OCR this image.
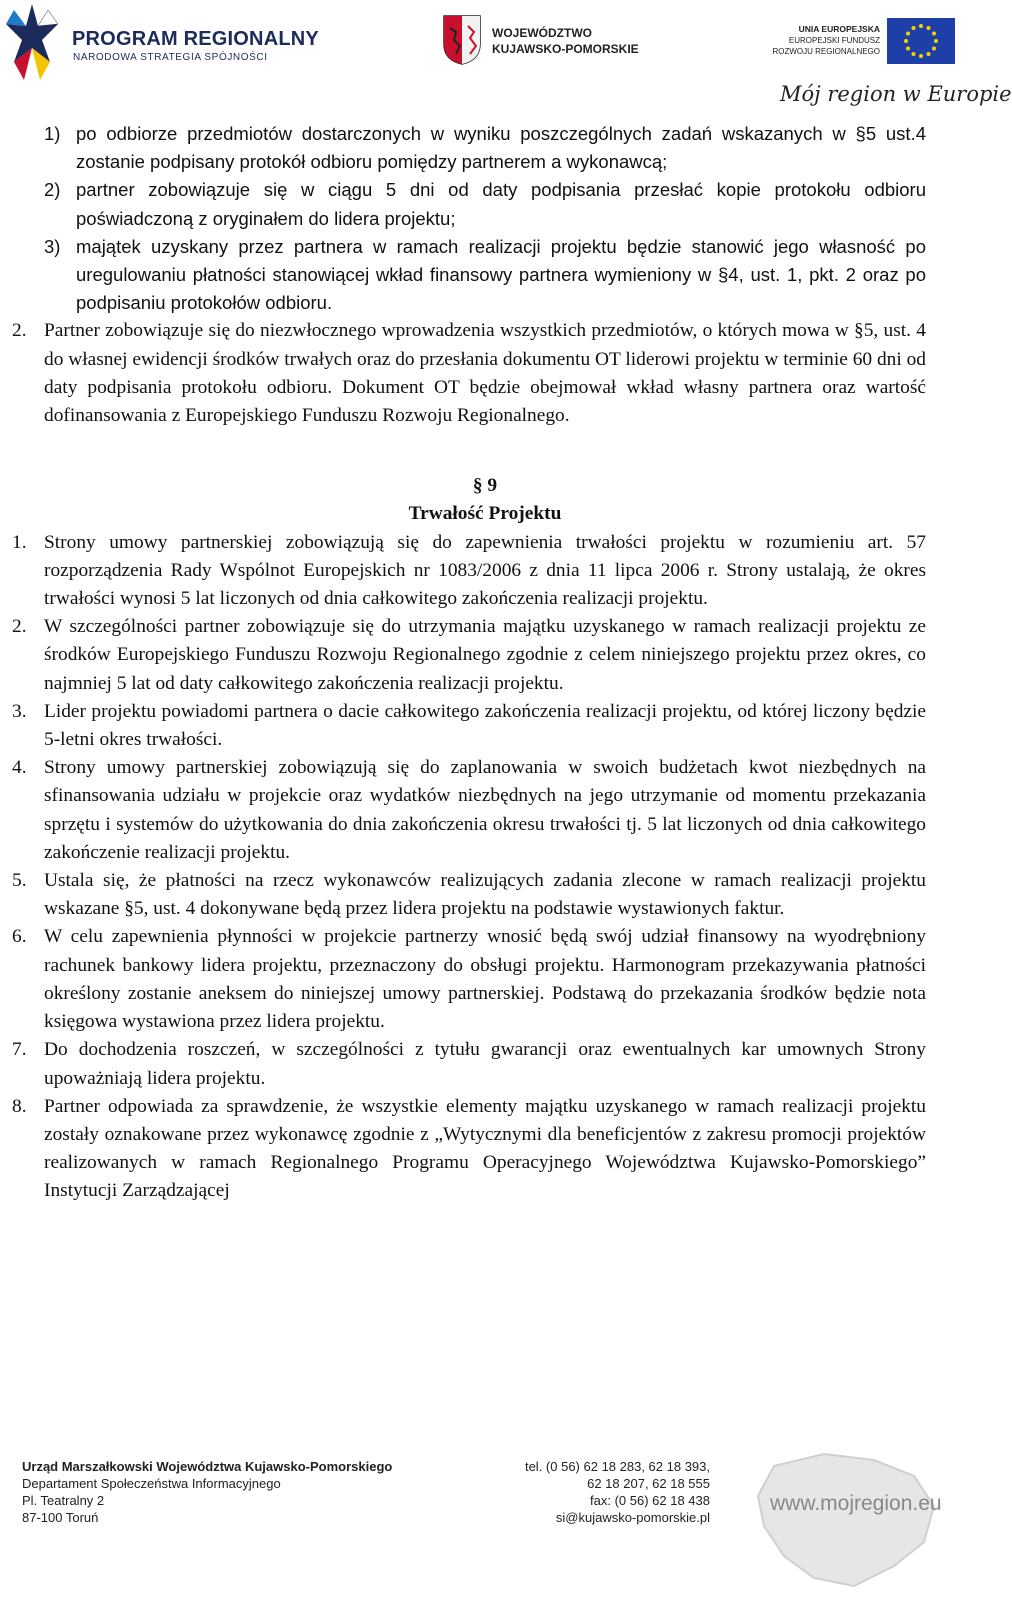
PROGRAM REGIONALNY
NARODOWA STRATEGIA SPÓJNOŚCI
WOJEWÓDZTWO
KUJAWSKO-POMORSKIE
UNIA EUROPEJSKA
EUROPEJSKI FUNDUSZ
ROZWOJU REGIONALNEGO
Mój region w Europie
1) po odbiorze przedmiotów dostarczonych w wyniku poszczególnych zadań wskazanych w §5 ust.4 zostanie podpisany protokół odbioru pomiędzy partnerem a wykonawcą;
2) partner zobowiązuje się w ciągu 5 dni od daty podpisania przesłać kopie protokołu odbioru poświadczoną z oryginałem do lidera projektu;
3) majątek uzyskany przez partnera w ramach realizacji projektu będzie stanowić jego własność po uregulowaniu płatności stanowiącej wkład finansowy partnera wymieniony w §4, ust. 1, pkt. 2 oraz po podpisaniu protokołów odbioru.
2. Partner zobowiązuje się do niezwłocznego wprowadzenia wszystkich przedmiotów, o których mowa w §5, ust. 4 do własnej ewidencji środków trwałych oraz do przesłania dokumentu OT liderowi projektu w terminie 60 dni od daty podpisania protokołu odbioru. Dokument OT będzie obejmował wkład własny partnera oraz wartość dofinansowania z Europejskiego Funduszu Rozwoju Regionalnego.
§ 9
Trwałość Projektu
1. Strony umowy partnerskiej zobowiązują się do zapewnienia trwałości projektu w rozumieniu art. 57 rozporządzenia Rady Wspólnot Europejskich nr 1083/2006 z dnia 11 lipca 2006 r. Strony ustalają, że okres trwałości wynosi 5 lat liczonych od dnia całkowitego zakończenia realizacji projektu.
2. W szczególności partner zobowiązuje się do utrzymania majątku uzyskanego w ramach realizacji projektu ze środków Europejskiego Funduszu Rozwoju Regionalnego zgodnie z celem niniejszego projektu przez okres, co najmniej 5 lat od daty całkowitego zakończenia realizacji projektu.
3. Lider projektu powiadomi partnera o dacie całkowitego zakończenia realizacji projektu, od której liczony będzie 5-letni okres trwałości.
4. Strony umowy partnerskiej zobowiązują się do zaplanowania w swoich budżetach kwot niezbędnych na sfinansowania udziału w projekcie oraz wydatków niezbędnych na jego utrzymanie od momentu przekazania sprzętu i systemów do użytkowania do dnia zakończenia okresu trwałości tj. 5 lat liczonych od dnia całkowitego zakończenie realizacji projektu.
5. Ustala się, że płatności na rzecz wykonawców realizujących zadania zlecone w ramach realizacji projektu wskazane §5, ust. 4 dokonywane będą przez lidera projektu na podstawie wystawionych faktur.
6. W celu zapewnienia płynności w projekcie partnerzy wnosić będą swój udział finansowy na wyodrębniony rachunek bankowy lidera projektu, przeznaczony do obsługi projektu. Harmonogram przekazywania płatności określony zostanie aneksem do niniejszej umowy partnerskiej. Podstawą do przekazania środków będzie nota księgowa wystawiona przez lidera projektu.
7. Do dochodzenia roszczeń, w szczególności z tytułu gwarancji oraz ewentualnych kar umownych Strony upoważniają lidera projektu.
8. Partner odpowiada za sprawdzenie, że wszystkie elementy majątku uzyskanego w ramach realizacji projektu zostały oznakowane przez wykonawcę zgodnie z „Wytycznymi dla beneficjentów z zakresu promocji projektów realizowanych w ramach Regionalnego Programu Operacyjnego Województwa Kujawsko-Pomorskiego” Instytucji Zarządzającej
Urząd Marszałkowski Województwa Kujawsko-Pomorskiego
Departament Społeczeństwa Informacyjnego
Pl. Teatralny 2
87-100 Toruń
tel. (0 56) 62 18 283, 62 18 393,
62 18 207, 62 18 555
fax: (0 56) 62 18 438
si@kujawsko-pomorskie.pl
www.mojregion.eu
